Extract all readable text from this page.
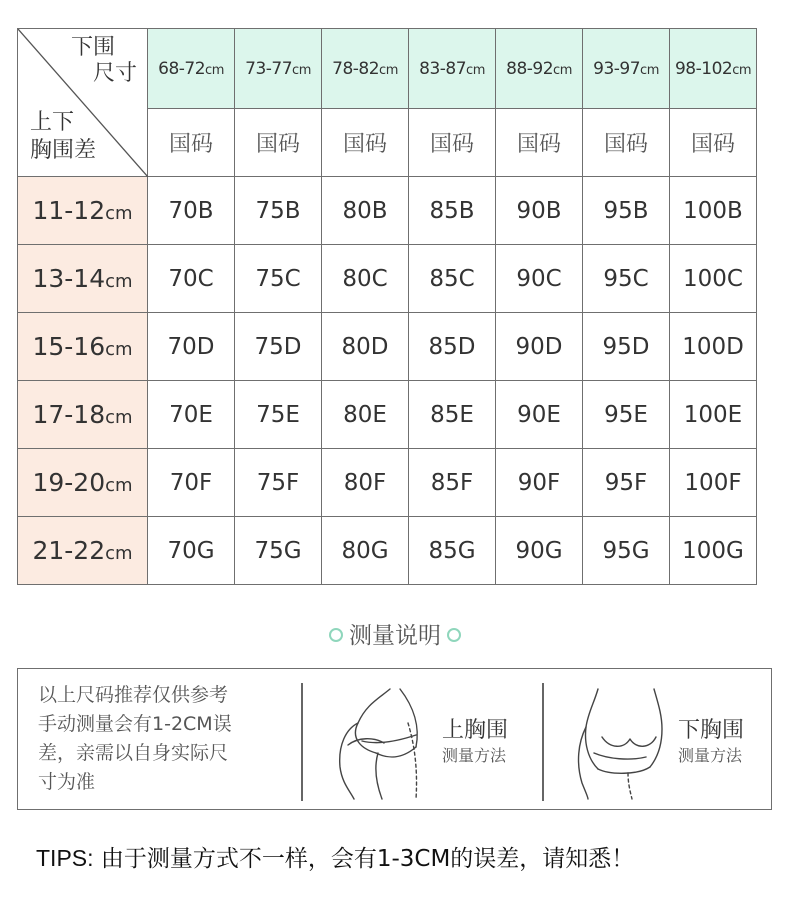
下围
尺寸
上下
胸围差	68-72cm	73-77cm	78-82cm	83-87cm	88-92cm	93-97cm	98-102cm
	国码	国码	国码	国码	国码	国码	国码
11-12cm	70B	75B	80B	85B	90B	95B	100B
13-14cm	70C	75C	80C	85C	90C	95C	100C
15-16cm	70D	75D	80D	85D	90D	95D	100D
17-18cm	70E	75E	80E	85E	90E	95E	100E
19-20cm	70F	75F	80F	85F	90F	95F	100F
21-22cm	70G	75G	80G	85G	90G	95G	100G
测量说明
以上尺码推荐仅供参考
手动测量会有1-2CM误
差，亲需以自身实际尺
寸为准
上胸围
测量方法
下胸围
测量方法
TIPS: 由于测量方式不一样，会有1-3CM的误差，请知悉！
